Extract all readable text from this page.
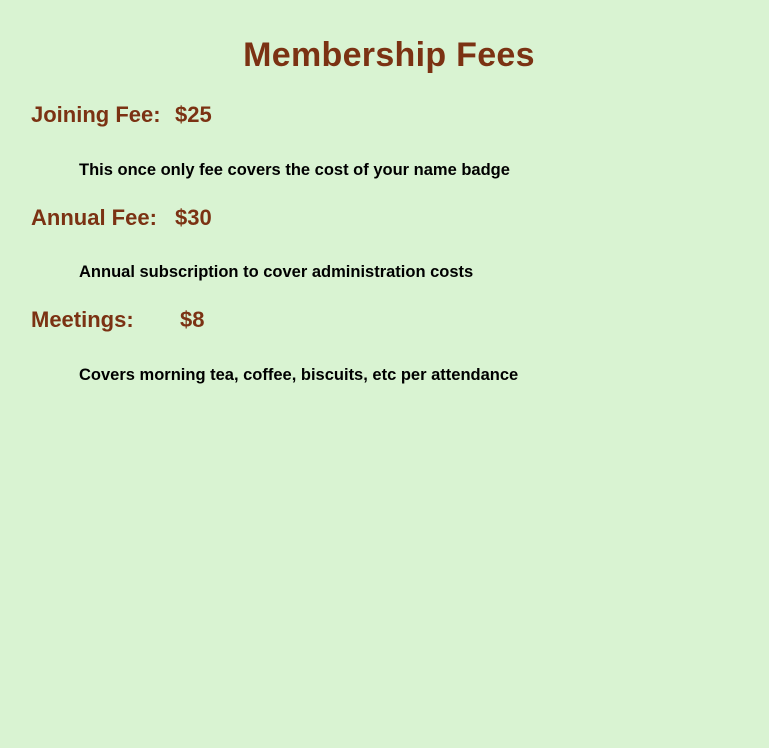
Membership Fees
Joining Fee: $25
This once only fee covers the cost of your name badge
Annual Fee: $30
Annual subscription to cover administration costs
Meetings: $8
Covers morning tea, coffee, biscuits, etc per attendance
